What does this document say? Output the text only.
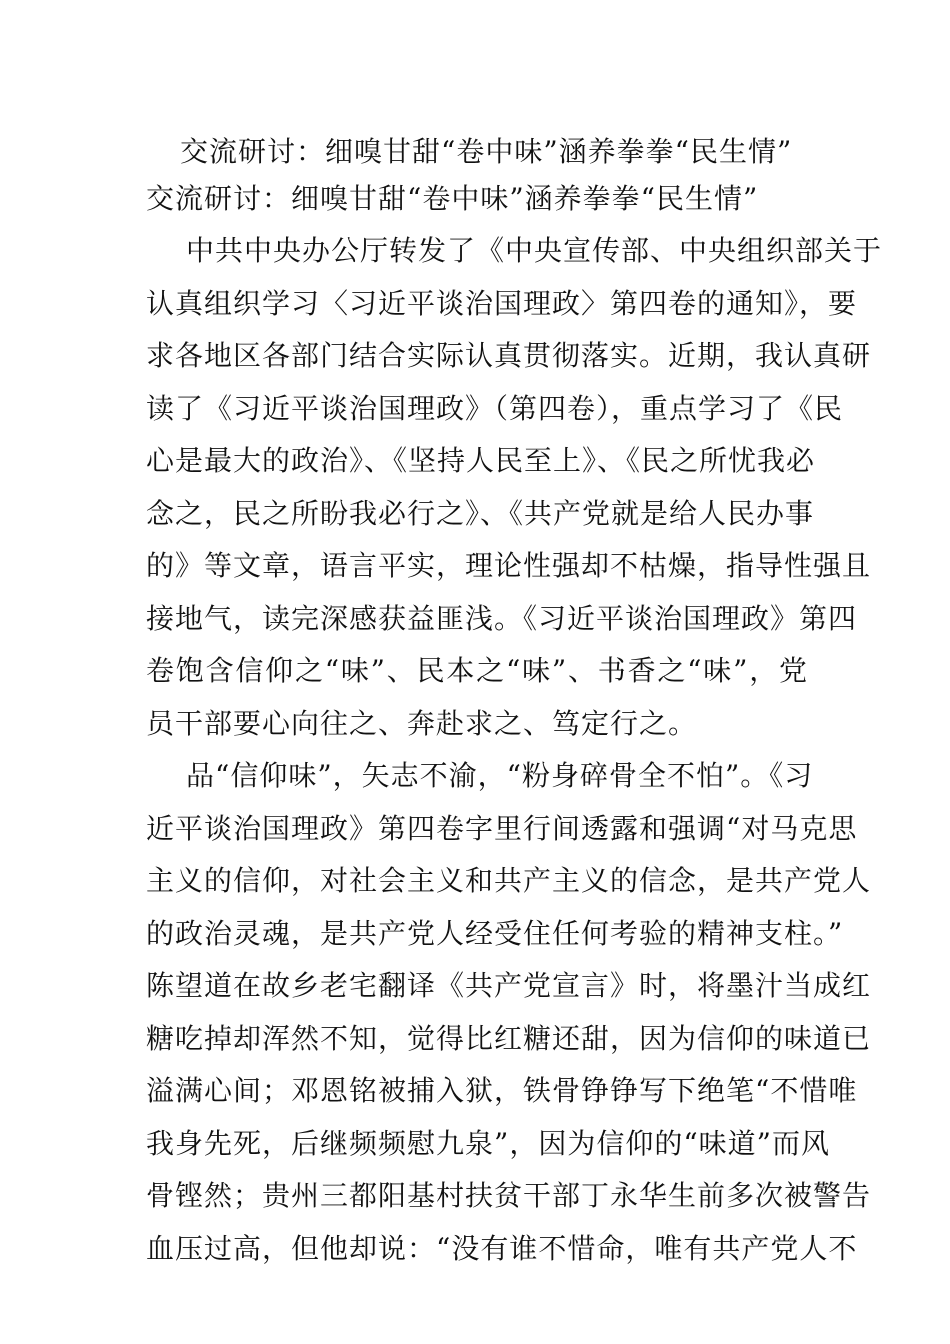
交流研讨：细嗅甘甜“卷中味”涵养拳拳“民生情”
交流研讨：细嗅甘甜“卷中味”涵养拳拳“民生情”
中共中央办公厅转发了《中央宣传部、中央组织部关于
认真组织学习〈习近平谈治国理政〉第四卷的通知》，要
求各地区各部门结合实际认真贯彻落实。近期，我认真研
读了《习近平谈治国理政》（第四卷），重点学习了《民
心是最大的政治》、《坚持人民至上》、《民之所忧我必
念之，民之所盼我必行之》、《共产党就是给人民办事
的》等文章，语言平实，理论性强却不枯燥，指导性强且
接地气，读完深感获益匪浅。《习近平谈治国理政》第四
卷饱含信仰之“味”、民本之“味”、书香之“味”，党
员干部要心向往之、奔赴求之、笃定行之。
品“信仰味”，矢志不渝，“粉身碎骨全不怕”。《习
近平谈治国理政》第四卷字里行间透露和强调“对马克思
主义的信仰，对社会主义和共产主义的信念，是共产党人
的政治灵魂，是共产党人经受住任何考验的精神支柱。”
陈望道在故乡老宅翻译《共产党宣言》时，将墨汁当成红
糖吃掉却浑然不知，觉得比红糖还甜，因为信仰的味道已
溢满心间；邓恩铭被捕入狱，铁骨铮铮写下绝笔“不惜唯
我身先死，后继频频慰九泉”，因为信仰的“味道”而风
骨铿然；贵州三都阳基村扶贫干部丁永华生前多次被警告
血压过高，但他却说：“没有谁不惜命，唯有共产党人不
